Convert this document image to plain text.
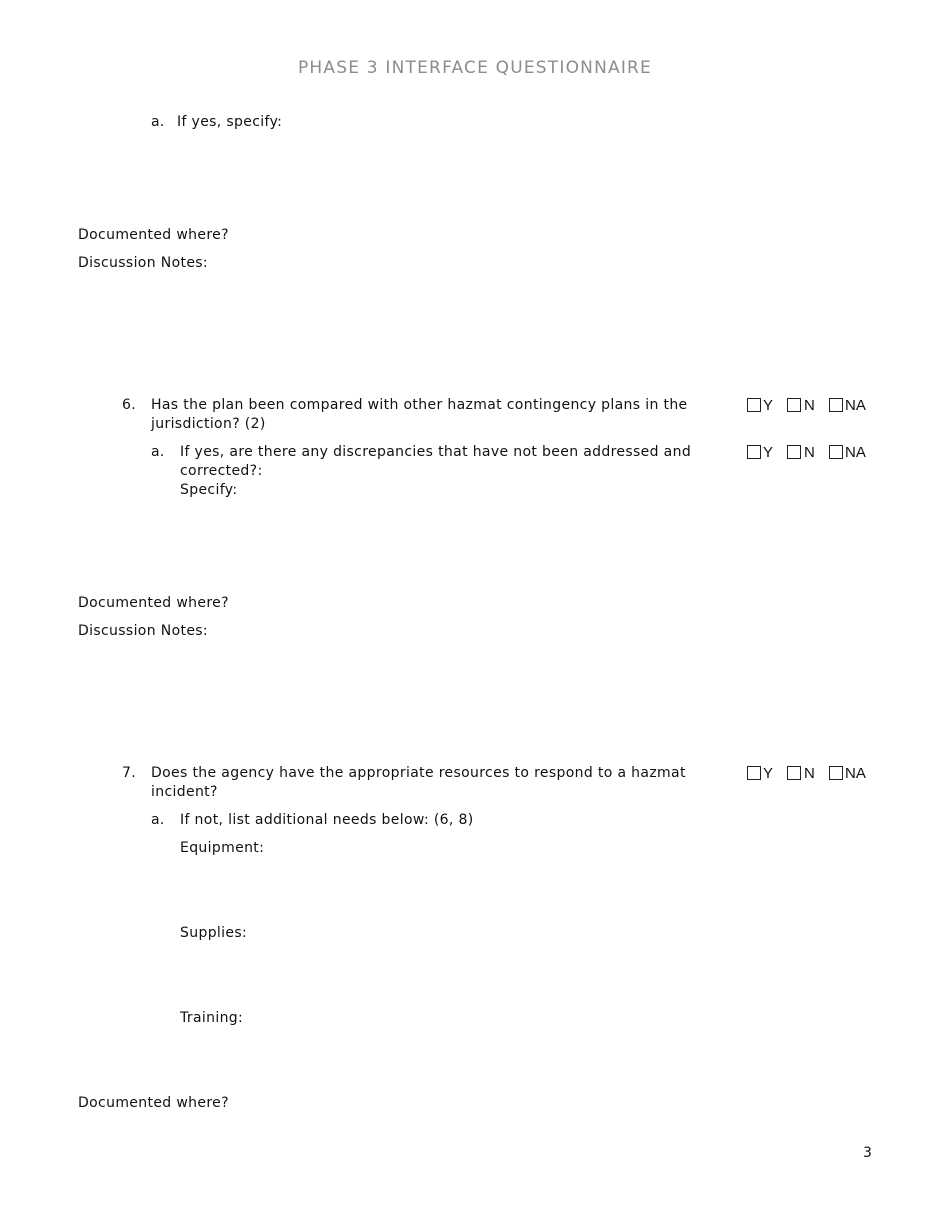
PHASE 3 INTERFACE QUESTIONNAIRE
a. If yes, specify:
Documented where?
Discussion Notes:
6. Has the plan been compared with other hazmat contingency plans in the jurisdiction? (2)
Y N NA
a. If yes, are there any discrepancies that have not been addressed and corrected?:
Specify:
Y N NA
Documented where?
Discussion Notes:
7. Does the agency have the appropriate resources to respond to a hazmat incident?
Y N NA
a. If not, list additional needs below: (6, 8)
Equipment:
Supplies:
Training:
Documented where?
3
